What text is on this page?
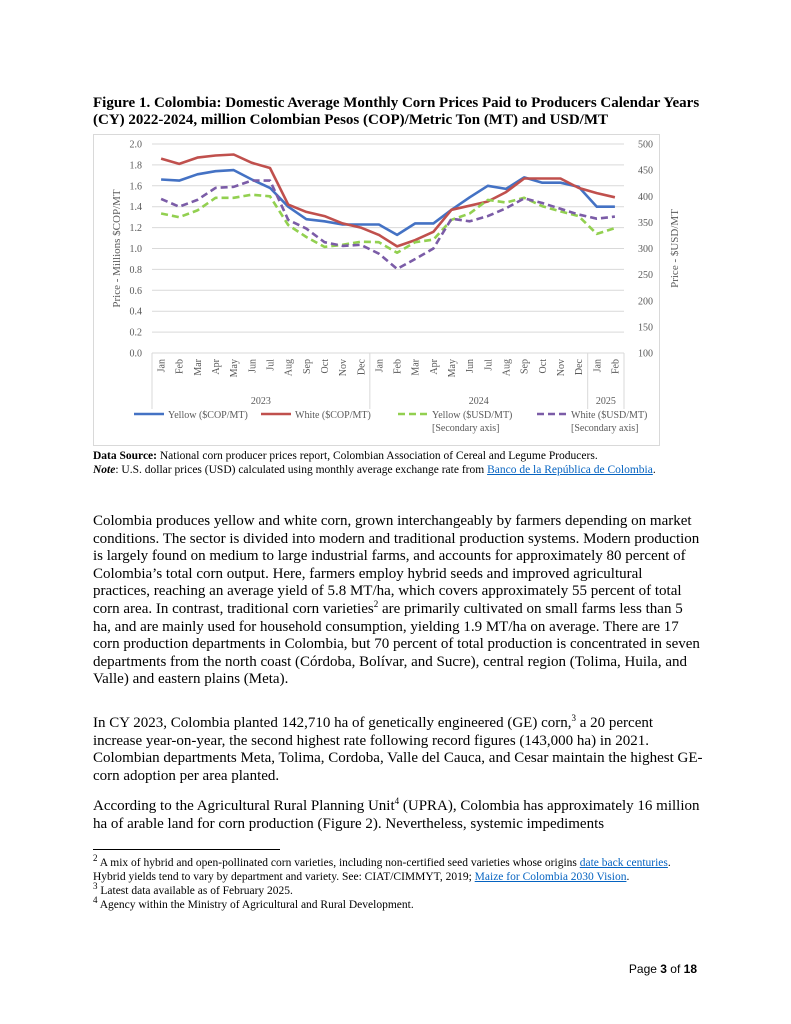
Figure 1. Colombia: Domestic Average Monthly Corn Prices Paid to Producers Calendar Years (CY) 2022-2024, million Colombian Pesos (COP)/Metric Ton (MT) and USD/MT
0.0
0.2
0.4
0.6
0.8
1.0
1.2
1.4
1.6
1.8
2.0
100
150
200
250
300
350
400
450
500
Price - Millions $COP/MT	Price - $USD/MT
Jan Feb Mar Apr May Jun Jul Aug Sep Oct Nov Dec Jan Feb Mar Apr May Jun Jul Aug Sep Oct Nov Dec Jan Feb
2023	2024	2025
Yellow ($COP/MT)	White ($COP/MT)	Yellow ($USD/MT)
[Secondary axis]
White ($USD/MT)
[Secondary axis]
Data Source: National corn producer prices report, Colombian Association of Cereal and Legume Producers.
Note: U.S. dollar prices (USD) calculated using monthly average exchange rate from Banco de la República de Colombia.
Colombia produces yellow and white corn, grown interchangeably by farmers depending on market conditions. The sector is divided into modern and traditional production systems. Modern production is largely found on medium to large industrial farms, and accounts for approximately 80 percent of Colombia’s total corn output. Here, farmers employ hybrid seeds and improved agricultural practices, reaching an average yield of 5.8 MT/ha, which covers approximately 55 percent of total corn area. In contrast, traditional corn varieties$^2$ are primarily cultivated on small farms less than 5 ha, and are mainly used for household consumption, yielding 1.9 MT/ha on average. There are 17 corn production departments in Colombia, but 70 percent of total production is concentrated in seven departments from the north coast (Córdoba, Bolívar, and Sucre), central region (Tolima, Huila, and Valle) and eastern plains (Meta).
In CY 2023, Colombia planted 142,710 ha of genetically engineered (GE) corn,$^3$ a 20 percent increase year-on-year, the second highest rate following record figures (143,000 ha) in 2021. Colombian departments Meta, Tolima, Cordoba, Valle del Cauca, and Cesar maintain the highest GE-corn adoption per area planted.
According to the Agricultural Rural Planning Unit$^4$ (UPRA), Colombia has approximately 16 million ha of arable land for corn production (Figure 2). Nevertheless, systemic impediments
$^2$ A mix of hybrid and open-pollinated corn varieties, including non-certified seed varieties whose origins date back centuries. Hybrid yields tend to vary by department and variety. See: CIAT/CIMMYT, 2019; Maize for Colombia 2030 Vision.
$^3$ Latest data available as of February 2025.
$^4$ Agency within the Ministry of Agricultural and Rural Development.
Page 3 of 18
